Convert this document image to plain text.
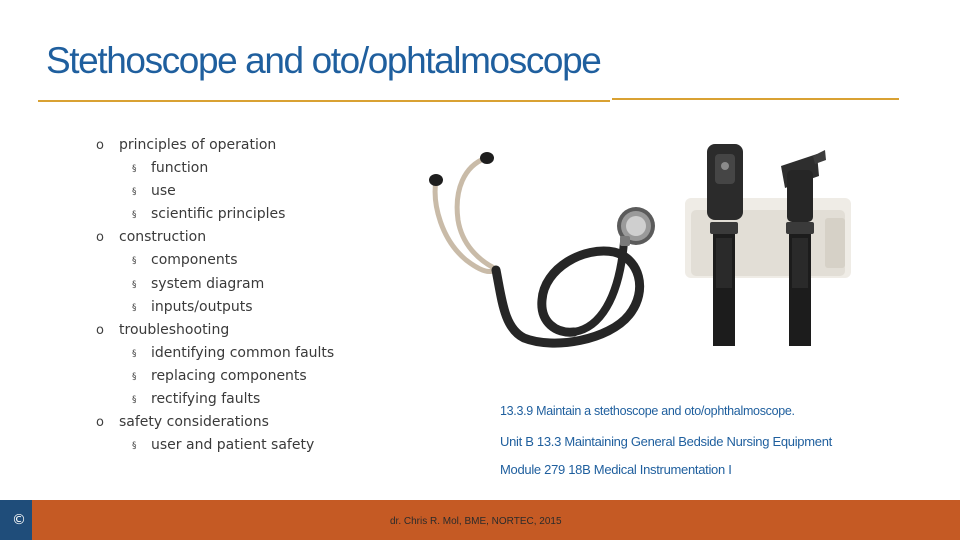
Stethoscope and oto/ophtalmoscope
o	principles of operation
§	function
§	use
§	scientific principles
o	construction
§	components
§	system diagram
§	inputs/outputs
o	troubleshooting
§	identifying common faults
§	replacing components
§	rectifying faults
o	safety considerations
§	user and patient safety
13.3.9 Maintain a stethoscope and oto/ophthalmoscope.
Unit B 13.3 Maintaining General Bedside Nursing Equipment
Module 279 18B Medical Instrumentation I
©	dr. Chris R. Mol, BME, NORTEC, 2015
